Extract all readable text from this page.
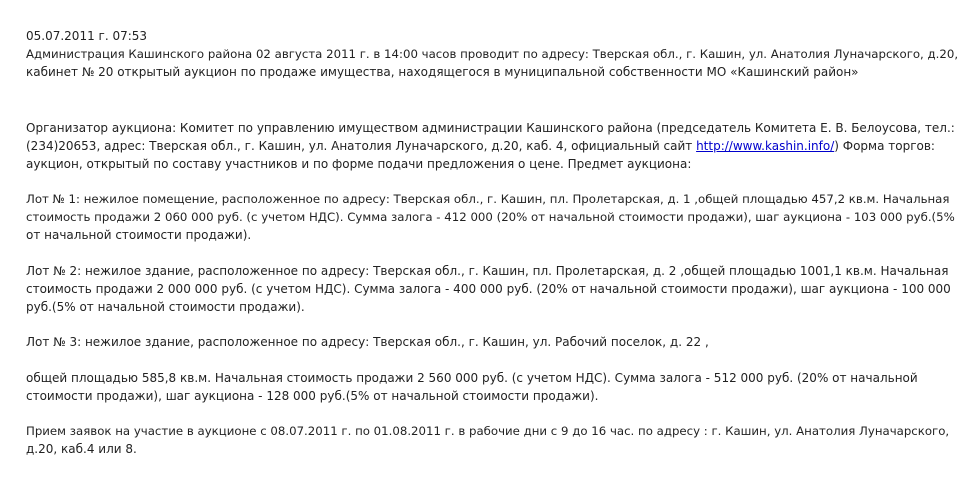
05.07.2011 г. 07:53
Администрация Кашинского района 02 августа 2011 г. в 14:00 часов проводит по адресу: Тверская обл., г. Кашин, ул. Анатолия Луначарского, д.20,
кабинет № 20 открытый аукцион по продаже имущества, находящегося в муниципальной собственности МО «Кашинский район»
Организатор аукциона: Комитет по управлению имуществом администрации Кашинского района (председатель Комитета Е. В. Белоусова, тел.:
(234)20653, адрес: Тверская обл., г. Кашин, ул. Анатолия Луначарского, д.20, каб. 4, официальный сайт http://www.kashin.info/) Форма торгов:
аукцион, открытый по составу участников и по форме подачи предложения о цене. Предмет аукциона:
Лот № 1: нежилое помещение, расположенное по адресу: Тверская обл., г. Кашин, пл. Пролетарская, д. 1 ,общей площадью 457,2 кв.м. Начальная
стоимость продажи 2 060 000 руб. (с учетом НДС). Сумма залога - 412 000 (20% от начальной стоимости продажи), шаг аукциона - 103 000 руб.(5%
от начальной стоимости продажи).
Лот № 2: нежилое здание, расположенное по адресу: Тверская обл., г. Кашин, пл. Пролетарская, д. 2 ,общей площадью 1001,1 кв.м. Начальная
стоимость продажи 2 000 000 руб. (с учетом НДС). Сумма залога - 400 000 руб. (20% от начальной стоимости продажи), шаг аукциона - 100 000
руб.(5% от начальной стоимости продажи).
Лот № 3: нежилое здание, расположенное по адресу: Тверская обл., г. Кашин, ул. Рабочий поселок, д. 22 ,
общей площадью 585,8 кв.м. Начальная стоимость продажи 2 560 000 руб. (с учетом НДС). Сумма залога - 512 000 руб. (20% от начальной
стоимости продажи), шаг аукциона - 128 000 руб.(5% от начальной стоимости продажи).
Прием заявок на участие в аукционе с 08.07.2011 г. по 01.08.2011 г. в рабочие дни с 9 до 16 час. по адресу : г. Кашин, ул. Анатолия Луначарского,
д.20, каб.4 или 8.
